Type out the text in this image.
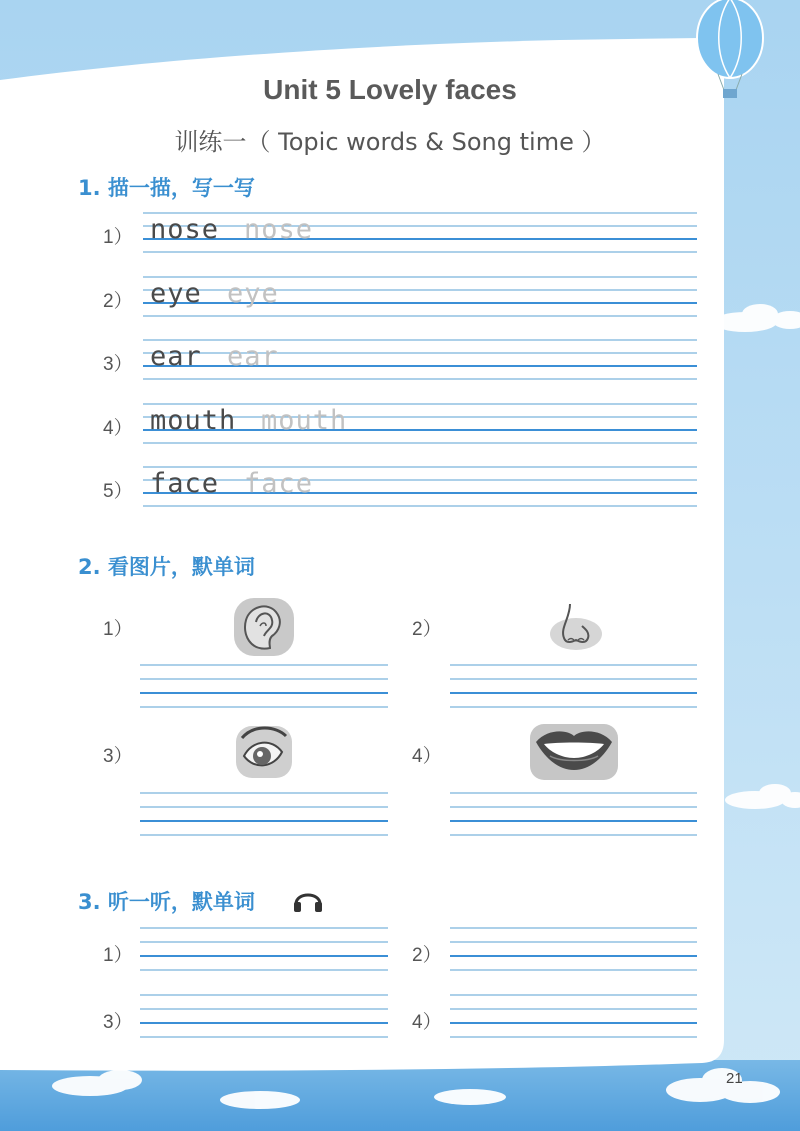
Unit 5 Lovely faces
训练一（ Topic words & Song time ）
1. 描一描，写一写
1） nose nose
2） eye eye
3） ear ear
4） mouth mouth
5） face face
2. 看图片，默单词
1）	2）
3）	4）
3. 听一听，默单词
1）	2）
3）	4）
21
